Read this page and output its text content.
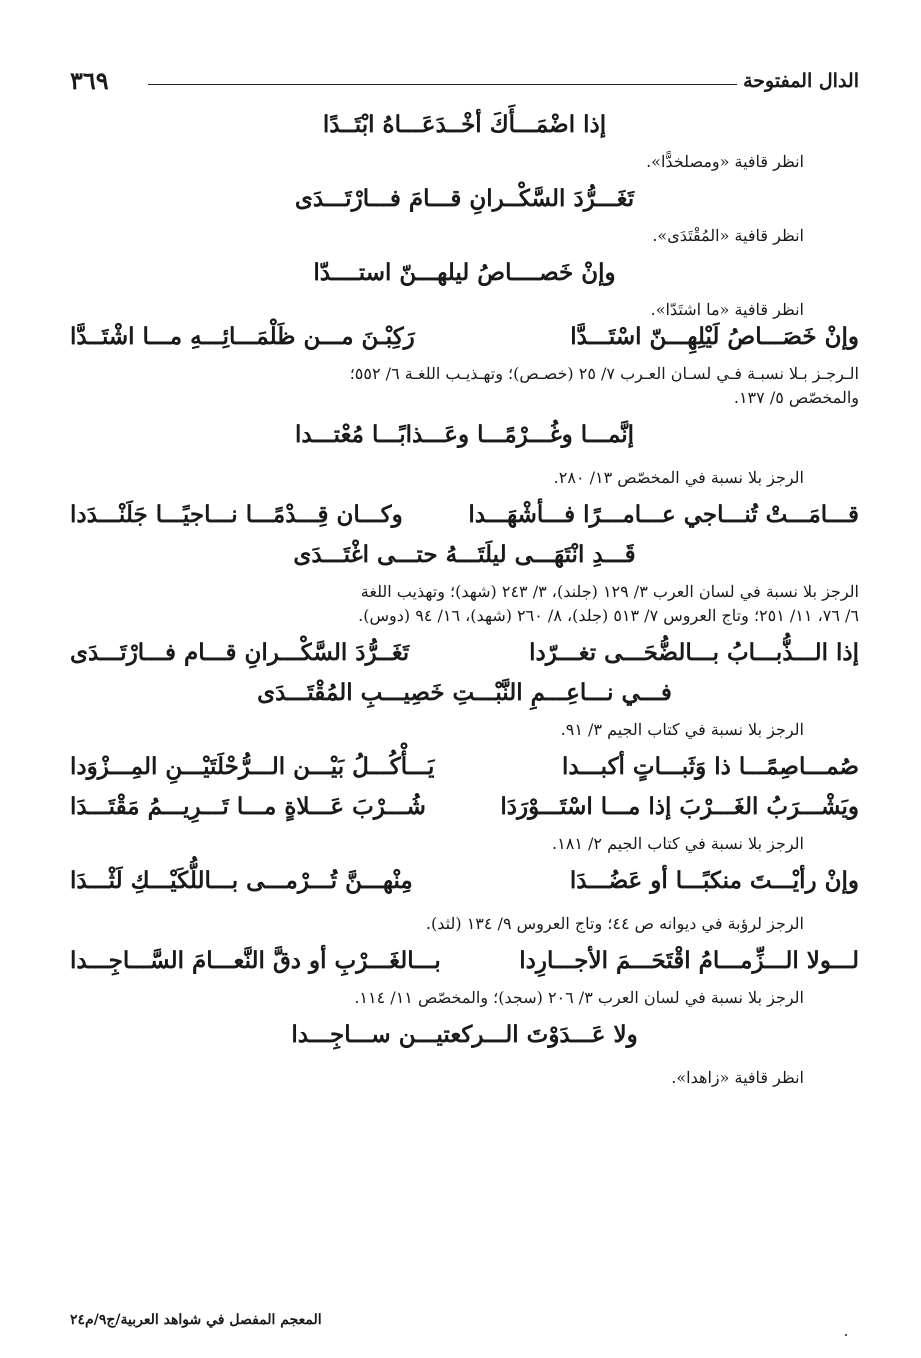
٣٦٩	الدال المفتوحة
إذا اضْمَـــأَكَ أخْــدَعَـــاهُ ابْتَــدًا
انظر قافية «ومصلخدًّا».
تَغَـــرُّدَ السَّكْــرانِ قـــامَ فـــارْتَـــدَى
انظر قافية «المُقْتَدَى».
وإنْ خَصــــاصُ ليلهـــنّ استــــدّا
انظر قافية «ما اشتَدّا».
وإنْ خَصَـــاصُ لَيْلِهِـــنّ اسْتَـــدَّا
رَكِبْـنَ مـــن ظَلْمَـــائِـــهِ مـــا اشْتَــدَّا
الـرجـز بـلا نسبـة فـي لسـان العـرب ٧/ ٢٥ (خصـص)؛ وتهـذيـب اللغـة ٦/ ٥٥٢؛
والمخصّص ٥/ ١٣٧.
إنَّمـــا وغُـــرْمًـــا وعَـــذابًـــا مُعْتـــدا
الرجز بلا نسبة في المخصّص ١٣/ ٢٨٠.
قـــامَـــتْ تُنـــاجي عـــامـــرًا فـــأشْهَـــدا
وكـــان قِـــدْمًـــا نـــاجيًـــا جَلَنْـــدَدا
قَـــدِ انْتَهَـــى ليلَتَـــهُ حتـــى اغْتَـــدَى
الرجز بلا نسبة في لسان العرب ٣/ ١٢٩ (جلند)، ٣/ ٢٤٣ (شهد)؛ وتهذيب اللغة
٦/ ٧٦، ١١/ ٢٥١؛ وتاج العروس ٧/ ٥١٣ (جلد)، ٨/ ٢٦٠ (شهد)، ١٦/ ٩٤ (دوس).
إذا الـــذُّبـــابُ بـــالضُّحَـــى تغـــرّدا
تَغَــرُّدَ السَّكْـــرانِ قـــام فـــارْتَـــدَى
فـــي نـــاعِـــمِ النَّبْـــتِ خَصِيـــبِ المُقْتَـــدَى
الرجز بلا نسبة في كتاب الجيم ٣/ ٩١.
صُمـــاصِمًـــا ذا وَثَبـــاتٍ أكبـــدا
يَـــأْكُـــلُ بَيْـــن الـــرُّحْلَتَيْـــنِ المِـــزْوَدا
ويَشْـــرَبُ الغَـــرْبَ إذا مـــا اسْتَـــوْرَدَا
شُـــرْبَ عَـــلاةٍ مـــا تَـــرِيـــمُ مَقْتَـــدَا
الرجز بلا نسبة في كتاب الجيم ٢/ ١٨١.
وإنْ رأيْـــتَ منكبًـــا أو عَضُـــدَا
مِنْهـــنَّ تُـــرْمـــى بـــاللُّكَيْـــكِ لَثْـــدَا
الرجز لرؤبة في ديوانه ص ٤٤؛ وتاج العروس ٩/ ١٣٤ (لثد).
لـــولا الـــزِّمـــامُ اقْتَحَـــمَ الأجـــارِدا
بـــالغَـــرْبِ أو دقَّ النَّعـــامَ السَّـــاجِـــدا
الرجز بلا نسبة في لسان العرب ٣/ ٢٠٦ (سجد)؛ والمخصّص ١١/ ١١٤.
ولا عَـــدَوْتَ الـــركعتيـــن ســـاجِـــدا
انظر قافية «زاهدا».
المعجم المفصل في شواهد العربية/ج٩/م٢٤
